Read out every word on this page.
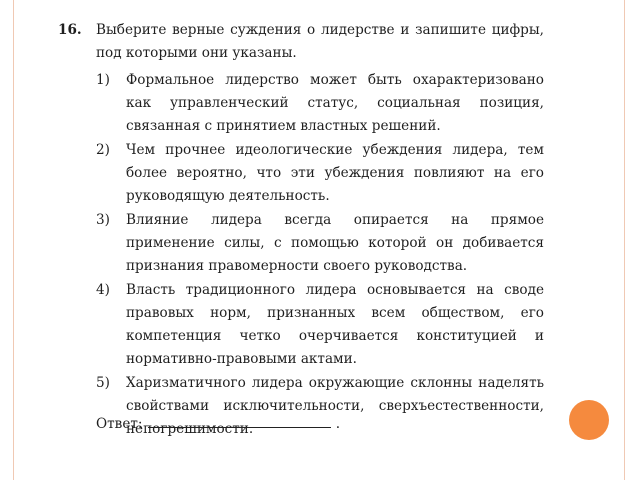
16. Выберите верные суждения о лидерстве и запишите цифры, под которыми они указаны.
1) Формальное лидерство может быть охарактеризовано как управленческий статус, социальная позиция, связанная с принятием властных решений.
2) Чем прочнее идеологические убеждения лидера, тем более вероятно, что эти убеждения повлияют на его руководящую деятельность.
3) Влияние лидера всегда опирается на прямое применение силы, с помощью которой он добивается признания правомерности своего руководства.
4) Власть традиционного лидера основывается на своде правовых норм, признанных всем обществом, его компетенция четко очерчивается конституцией и нормативно-правовыми актами.
5) Харизматичного лидера окружающие склонны наделять свойствами исключительности, сверхъестественности, непогрешимости.
Ответ:	.
